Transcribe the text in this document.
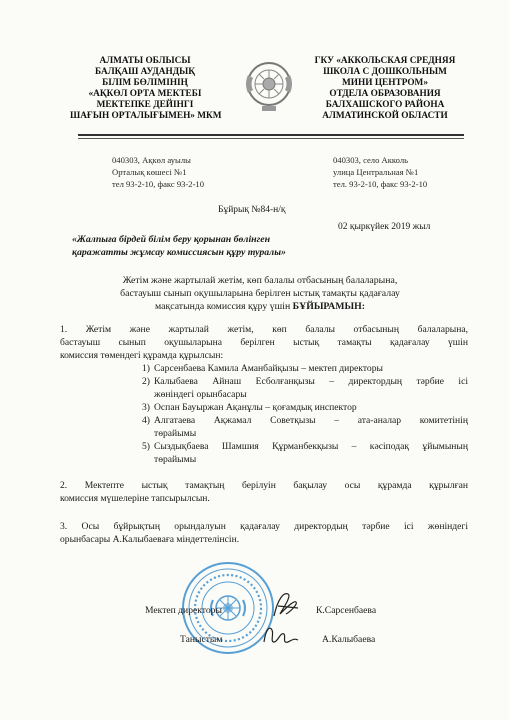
АЛМАТЫ ОБЛЫСЫ
БАЛҚАШ АУДАНДЫҚ
БІЛІМ БӨЛІМІНІҢ
«АҚКӨЛ ОРТА МЕКТЕБІ
МЕКТЕПКЕ ДЕЙІНГІ
ШАҒЫН ОРТАЛЫҒЫМЕН» МКМ
ГКУ «АККОЛЬСКАЯ СРЕДНЯЯ
ШКОЛА С ДОШКОЛЬНЫМ
МИНИ ЦЕНТРОМ»
ОТДЕЛА ОБРАЗОВАНИЯ
БАЛХАШСКОГО РАЙОНА
АЛМАТИНСКОЙ ОБЛАСТИ
040303, Ақкөл ауылы
Орталық көшесі №1
тел 93-2-10, факс 93-2-10
040303, село Акколь
улица Центральная №1
тел. 93-2-10, факс 93-2-10
Бұйрық №84-н/қ
02 қыркүйек 2019 жыл
«Жалпыға бірдей білім беру қорынан бөлінген
қаражатты жұмсау комиссиясын құру туралы»
Жетім және жартылай жетім, көп балалы отбасының балаларына,
бастауыш сынып оқушыларына берілген ыстық тамақты қадағалау
мақсатында комиссия құру үшін БҰЙЫРАМЫН:
1. Жетім және жартылай жетім, көп балалы отбасының балаларына,
бастауыш сынып оқушыларына берілген ыстық тамақты қадағалау үшін
комиссия төмендегі құрамда құрылсын:
1) Сарсенбаева Камила Аманбайқызы – мектеп директоры
2) Калыбаева Айнаш Есболғанқызы – директордың тәрбие ісі
жөніндегі орынбасары
3) Оспан Бауыржан Ақанұлы – қоғамдық инспектор
4) Алгатаева Ақжамал Советқызы – ата-аналар комитетінің
төрайымы
5) Сыздықбаева Шамшия Құрманбекқызы – кәсіподақ ұйымының
төрайымы
2. Мектепте ыстық тамақтың берілуін бақылау осы құрамда құрылған
комиссия мүшелеріне тапсырылсын.
3. Осы бұйрықтың орындалуын қадағалау директордың тәрбие ісі жөніндегі
орынбасары А.Калыбаеваға міндеттелінсін.
Мектеп директоры	К.Сарсенбаева
Таныстым	А.Калыбаева
